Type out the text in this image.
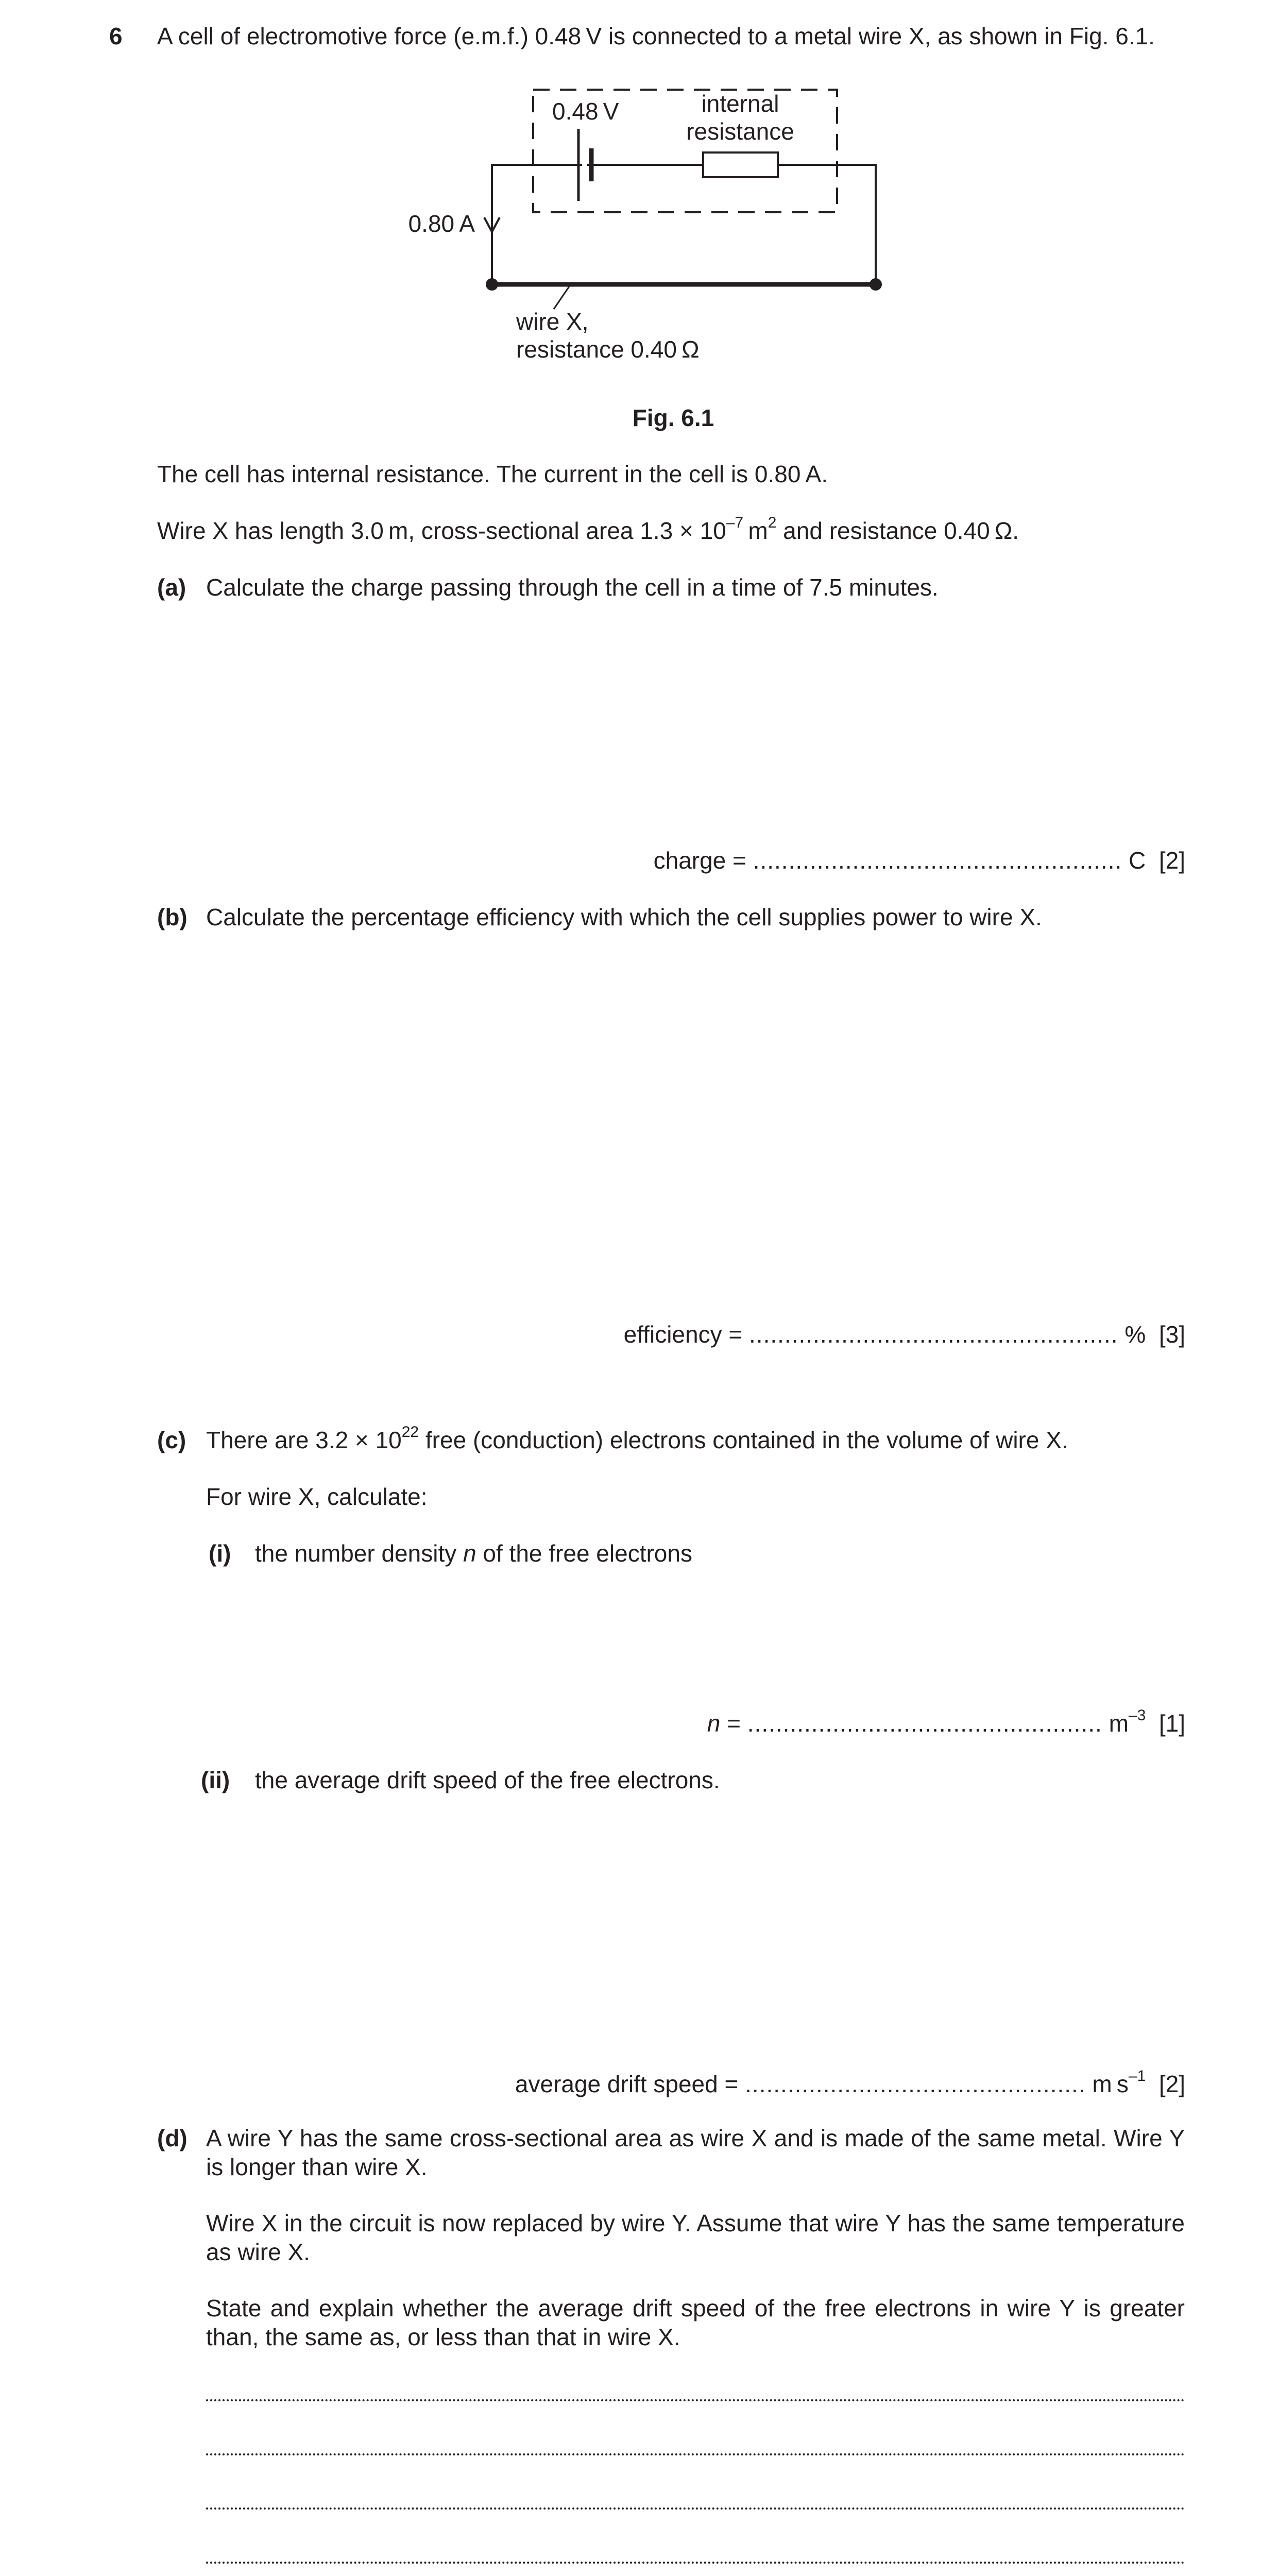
6 A cell of electromotive force (e.m.f.) 0.48 V is connected to a metal wire X, as shown in Fig. 6.1.
0.48 V	internal
resistance
0.80 A
wire X,
resistance 0.40 Ω
Fig. 6.1
The cell has internal resistance. The current in the cell is 0.80 A.
Wire X has length 3.0 m, cross-sectional area $1.3 \times 10^{-7}$ $m^2$ and resistance 0.40 Ω.
(a) Calculate the charge passing through the cell in a time of 7.5 minutes.
charge = .................................................... C [2]
(b) Calculate the percentage efficiency with which the cell supplies power to wire X.
efficiency = .................................................... % [3]
(c) There are $3.2 \times 10^{22}$ free (conduction) electrons contained in the volume of wire X.
For wire X, calculate:
(i) the number density n of the free electrons
n = .................................................. $m^{-3}$ [1]
(ii) the average drift speed of the free electrons.
average drift speed = ................................................ m $s^{-1}$ [2]
(d) A wire Y has the same cross-sectional area as wire X and is made of the same metal. Wire Y is longer than wire X.
Wire X in the circuit is now replaced by wire Y. Assume that wire Y has the same temperature as wire X.
State and explain whether the average drift speed of the free electrons in wire Y is greater than, the same as, or less than that in wire X.
